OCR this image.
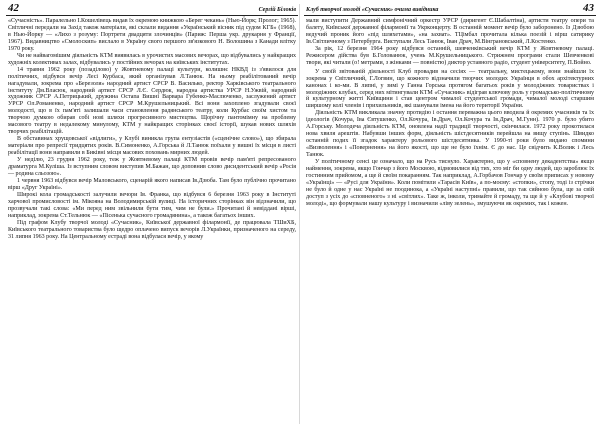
42	Сергій Білоків

«Сучасність». Паралельно І.Кошелівець видав їх окремою книжкою «Берег чекань» (Нью-Йорк; Пролог; 1965). Світличні передали на Захід також матеріали, які склали видання «Український вісник під судом КГБ» (1968), в Нью-Йорку — «Лихо з розуму: Портрети двадцяти злочинців» (Париж: Перша укр. друкарня у Франції, 1967). Видавництво «Смолоскип» вислало в Україну свого першого зв'язкового Н. Волошина з Канади влітку 1970 року.

Чи не найвагомішим діяльність КТМ виявилась в урочистих масових вечорах, що відбувались у найкращих художніх колективах залах, відбувались у постійних вечорах на київських інститутах.

14 травня 1962 року (позаділово) у Жовтневому палаці культури, колишнє НКВД із з'явилося для політичних, відбувся вечір Лесі Курбаса, який організував Л.Танюк. На ньому реабілітований вечір нагадували, зокрема про «Березоля» народний артист СРСР В. Василько, ректор Харківського театрального інституту Дм.Власюк, народний артист СРСР Л.Є. Сердюк, народна артистка УРСР Н.Ужвій, народний художник СРСР А.Петрицький, дружина Остапа Вишні Варвара Губенко-Маслюченко, заслужений артист УРСР Ол.Романенко, народний артист СРСР М.Крушельницький. Всі вони захоплено згадували своєї молодості, що в їх пам'яті залишали часи становлення радянського театру, коли Курбас своїм хистом та творчою думкою обирав собі нові шляхи прогресивного мистецтва. Щорічну пантомімну на проблему масового театру в недалекому минулому, КТМ у найкращих сторінках своєї історії, шукав нових шляхів творчих реабілітацій.

В обставинах хрущовської «відлиги», у Клубі виникла група ентузіастів («сценічне слово»), що збирала матеріали про репресії тридцятих років. В.Симоненко, А.Горська й Л.Танюк поїхали у вишні їх місця в листі реабілітації вони направили в Биківні місця масових поховань мирних людей.

У неділю, 23 грудня 1962 року, теж у Жовтневому палаці КТМ провів вечір пам'яті репресованого драматурга М.Куліша. Із вступним словом виступив М.Бажан, що доповнив слово дисидентський вечір «Росія — родина сльозою».

1 червня 1963 відбувся вечір Маловського, сценарій якого написав Ів.Дзюба. Там було публічно прочитано вірш «Друг Україні».

Широкі кола громадськості залучили вечори Ів. Франка, що відбувся 6 березня 1963 року в Інституті харчової промисловості ім. Мікояна на Володимирській вулиці. На історичних сторінках він відзначили, що прозвучали такі слова: «Ми перед ним звільнили бути тим, чим не були.» Прочитані й невіддані вірші, наприклад, зокрема Ст.Тельнюк — «Пісенька сучасного громадянина», а також багатьох інших.

Під графом Клубу творчої молоді «Сучасник», Київської державної філармонії, де працювала ТШиХБ, Київського театрального товариства було щедро оплачено випуск вечорів Л.Українки, призначеного на середу, 31 липня 1963 року. На Центральному естраді вона відбулася вечір, у якому

Клуб творчої молоді «Сучасник» очима вивідника	43

мали виступити Державний симфонічний оркестр УРСР (диригент Є.Шабалтіна), артисти театру опери та балету, Київської державної філармонії та Укрконцерту. В останній момент вечір було заборонено. Із Дзюбою ведучий проник його «під шляхетами», «на захват». ТЦімбал прочитала кілька поезій і вірш сатирику Ів.Світличному з Петербурга. Виступали Лесь Танюк, Іван Драч, М.Вінграновський, Л.Костенко.

За рік, 12 березня 1964 року відбувся останній, шевченківський вечір КТМ у Жовтневому палаці. Режисером дійства був Б.Голованюк, учень М.Крушельницького. Стрижнем програми стали Шевченкові твори, які читали (о! метрами, з жінками — повністю) диктор уставного радіо, студент університету, П.Войно.

У своїй звітованій діяльності Клуб провадив на сесіях — театральну, мистецькому, вони знайшли їх зокрема у Світличний, Г.Логвин, що кожного відзначили творчих молодих Українця в обох архітектурних канонах і ко-ми. В липні, у зимі у Ганна Горська протягом багатьох років у молодіжних товариствах і молодіжних клубах, серед них мітингували КТМ «Сучасник» відіграв ключову роль у громадсько-політичному й культурному житті Київщини і став центром чималої студентської громади, чималої молоді старшим ширшому колі членів і прихильників, які шанували імена на його території України.

Діяльність КТМ викликала значну протидію і остання переважна цього вводила й окремих учасників та їх ідеологів (Кочура, Іва Євтушенко, Ол.Кочура, Ів.Драч, Ол.Кочура та Ів.Драч, М.Гунн). 1970 р. було убито А.Горську. Молодеча діяльність КТМ, оновлена надії традиції творчості, скінчилася. 1972 року прокотилася нова хвиля арештів. Набувши інших форм, діяльність шістдесятників перейшла на вищу ступінь. Швидко останній подих її згадок характеру рольового шістдесятника. У 1990-ті роки було видано спомини «Визволення» і «Повернення» на його якості, що ще не було їхнім. Є до нас. Це свідчить К.Волик і Лесь Танюк.

У політичному сенсі це означало, що на Русь тиснуло. Характерно, що у «сповнену декадентства» якщо наймення, зокрема, якщо Гончар з його Москвою, відмовилися від тих, хто міг би одну людей, що зароблює їх гостинним прийомом, а ще й своїм покаранням. Так наприклад, А.Горбачов Гончар у своїм приписах у новому «Українці» — «Русі для України». Коли помітили «Тарасів Київ», а по-моєму: «стопки», стопу, тоді із стрічки не було й одне у нас Україні не поодинока, а «Україні наступні» правили, що так сяйною була, ще за свій доступ з усіх до «сповненого» з ні «світлих». Таке ж, інколи, тримайте й громаду, та ще й у «Клубові творчої молоді», що формували нашу культуру і визначили «ліву зелень», змушуючи як окремих, так і кожен.
